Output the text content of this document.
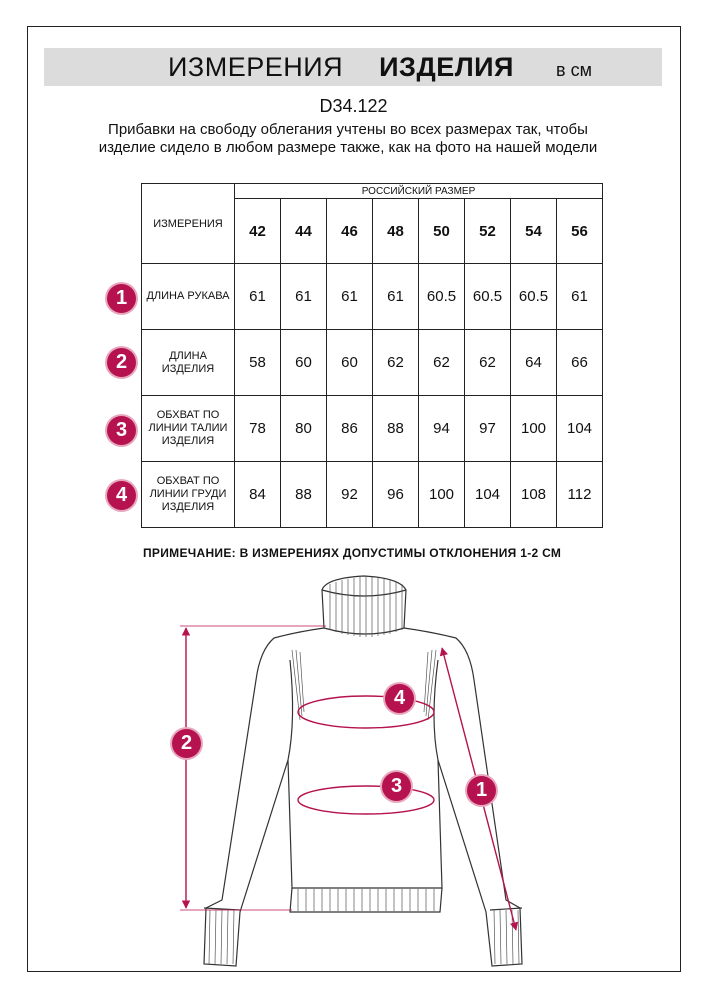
ИЗМЕРЕНИЯ ИЗДЕЛИЯ в см
D34.122
Прибавки на свободу облегания учтены во всех размерах так, чтобы изделие сидело в любом размере также, как на фото на нашей модели
ИЗМЕРЕНИЯ	РОССИЙСКИЙ РАЗМЕР							
	42	44	46	48	50	52	54	56
ДЛИНА РУКАВА	61	61	61	61	60.5	60.5	60.5	61
ДЛИНА ИЗДЕЛИЯ	58	60	60	62	62	62	64	66
ОБХВАТ ПО ЛИНИИ ТАЛИИ ИЗДЕЛИЯ	78	80	86	88	94	97	100	104
ОБХВАТ ПО ЛИНИИ ГРУДИ ИЗДЕЛИЯ	84	88	92	96	100	104	108	112
1
2
3
4
ПРИМЕЧАНИЕ: В ИЗМЕРЕНИЯХ ДОПУСТИМЫ ОТКЛОНЕНИЯ 1-2 СМ
2
1
3
4
